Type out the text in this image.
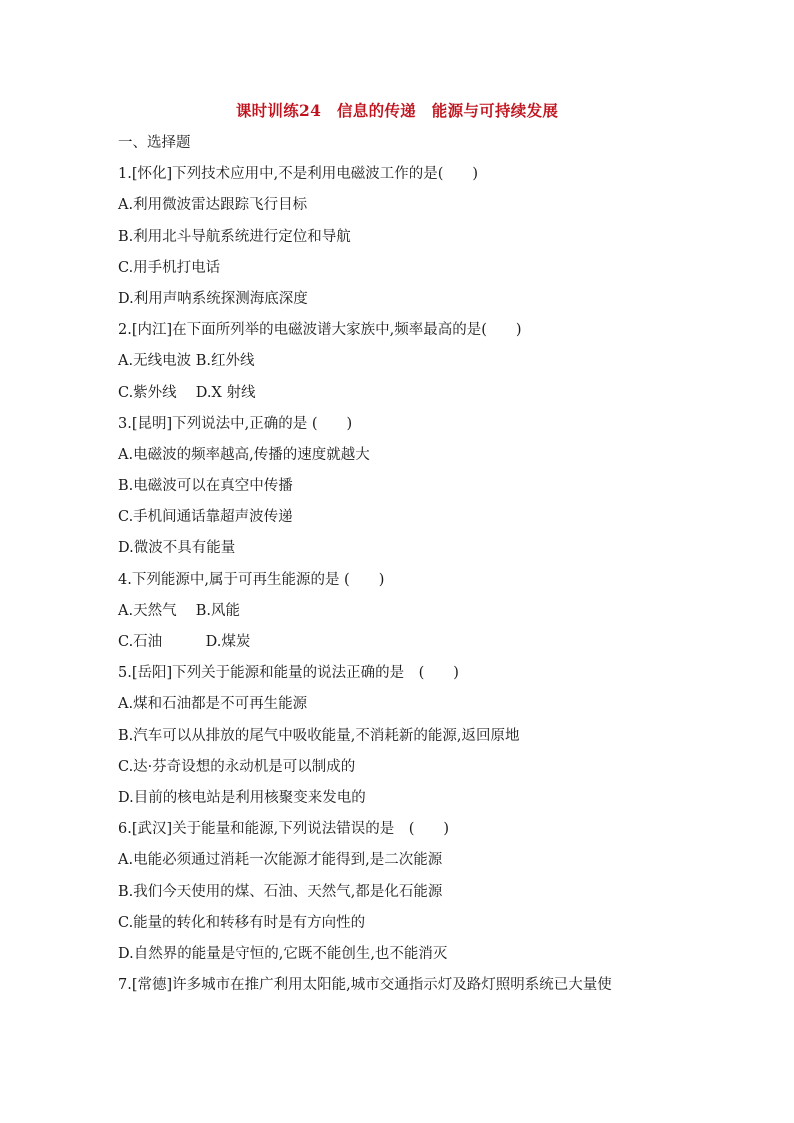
课时训练24　信息的传递　能源与可持续发展
一、选择题
1.[怀化]下列技术应用中,不是利用电磁波工作的是(　　)
A.利用微波雷达跟踪飞行目标
B.利用北斗导航系统进行定位和导航
C.用手机打电话
D.利用声呐系统探测海底深度
2.[内江]在下面所列举的电磁波谱大家族中,频率最高的是(　　)
A.无线电波 B.红外线
C.紫外线　 D.X 射线
3.[昆明]下列说法中,正确的是 (　　)
A.电磁波的频率越高,传播的速度就越大
B.电磁波可以在真空中传播
C.手机间通话靠超声波传递
D.微波不具有能量
4.下列能源中,属于可再生能源的是 (　　)
A.天然气　 B.风能
C.石油　　　D.煤炭
5.[岳阳]下列关于能源和能量的说法正确的是　(　　)
A.煤和石油都是不可再生能源
B.汽车可以从排放的尾气中吸收能量,不消耗新的能源,返回原地
C.达·芬奇设想的永动机是可以制成的
D.目前的核电站是利用核聚变来发电的
6.[武汉]关于能量和能源,下列说法错误的是　(　　)
A.电能必须通过消耗一次能源才能得到,是二次能源
B.我们今天使用的煤、石油、天然气,都是化石能源
C.能量的转化和转移有时是有方向性的
D.自然界的能量是守恒的,它既不能创生,也不能消灭
7.[常德]许多城市在推广利用太阳能,城市交通指示灯及路灯照明系统已大量使
